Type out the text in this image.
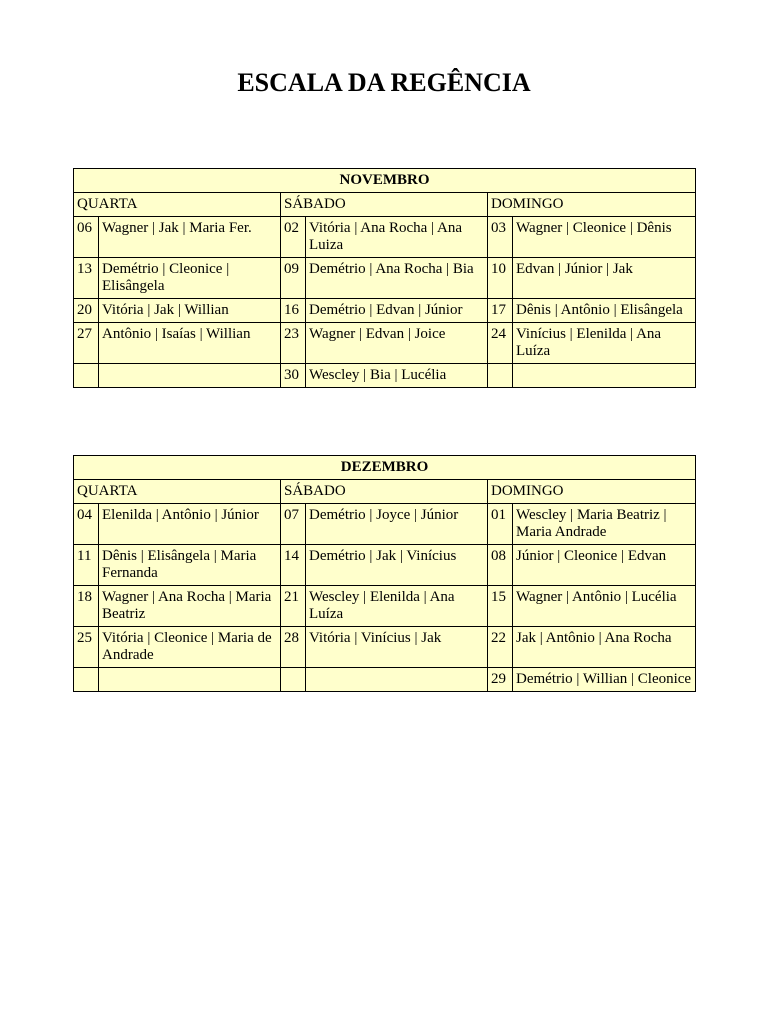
ESCALA DA REGÊNCIA
NOVEMBRO					
QUARTA		SÁBADO		DOMINGO	
06	Wagner | Jak | Maria Fer.	02	Vitória | Ana Rocha | Ana Luiza	03	Wagner | Cleonice | Dênis
13	Demétrio | Cleonice | Elisângela	09	Demétrio | Ana Rocha | Bia	10	Edvan | Júnior | Jak
20	Vitória | Jak | Willian	16	Demétrio | Edvan | Júnior	17	Dênis | Antônio | Elisângela
27	Antônio | Isaías | Willian	23	Wagner | Edvan | Joice	24	Vinícius | Elenilda | Ana Luíza
		30	Wescley | Bia | Lucélia		
DEZEMBRO					
QUARTA		SÁBADO		DOMINGO	
04	Elenilda | Antônio | Júnior	07	Demétrio | Joyce | Júnior	01	Wescley | Maria Beatriz | Maria Andrade
11	Dênis | Elisângela | Maria Fernanda	14	Demétrio | Jak | Vinícius	08	Júnior | Cleonice | Edvan
18	Wagner | Ana Rocha | Maria Beatriz	21	Wescley | Elenilda | Ana Luíza	15	Wagner | Antônio | Lucélia
25	Vitória | Cleonice | Maria de Andrade	28	Vitória | Vinícius | Jak	22	Jak | Antônio | Ana Rocha
				29	Demétrio | Willian | Cleonice
